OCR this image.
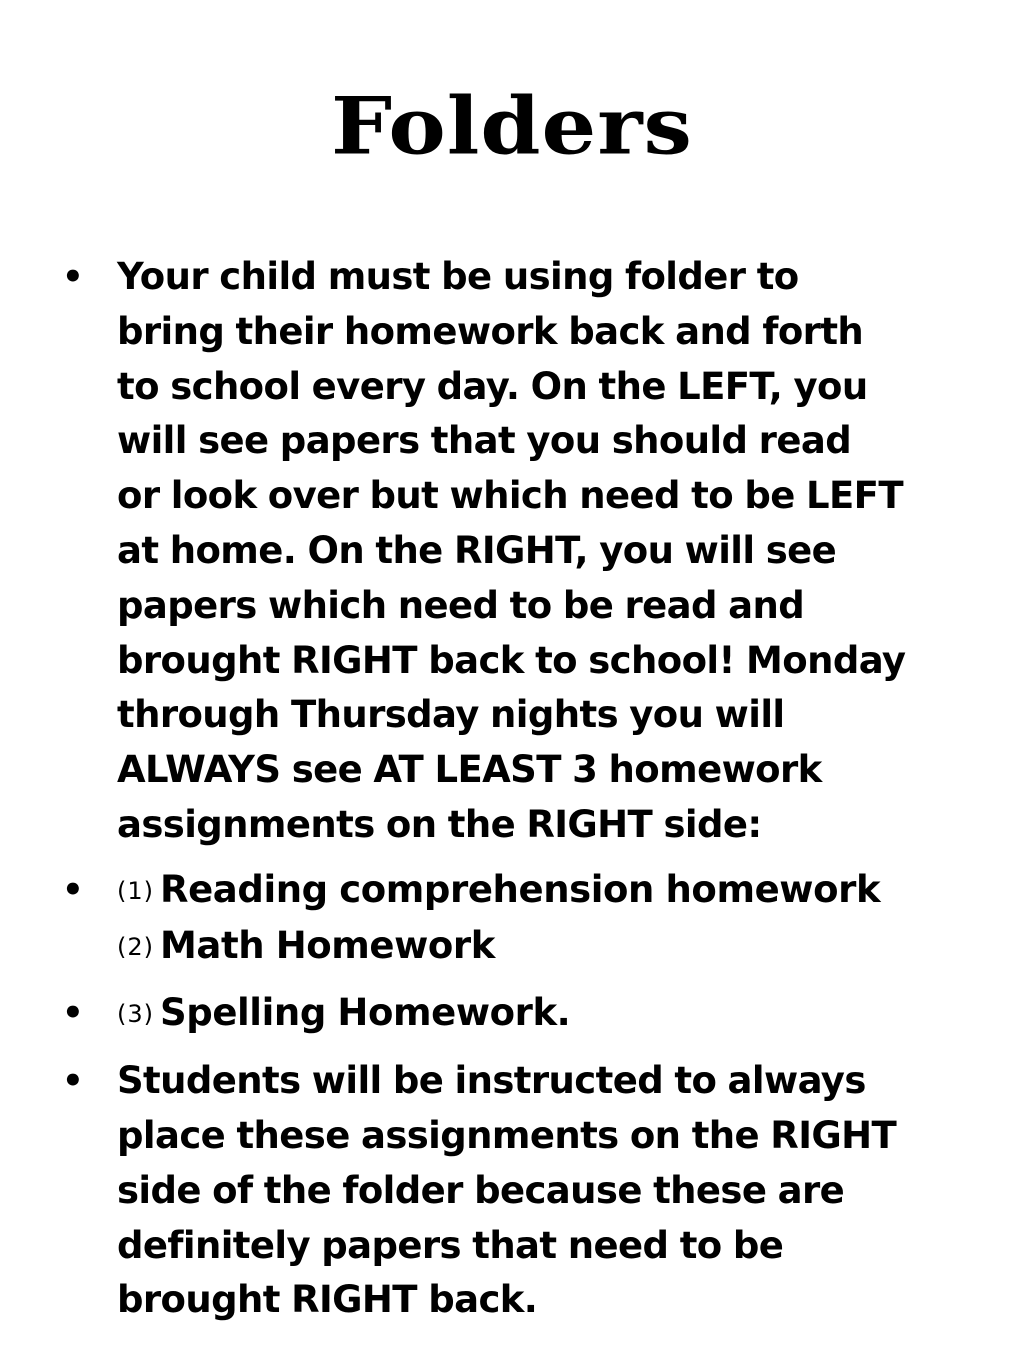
Folders
• Your child must be using folder to
bring their homework back and forth
to school every day. On the LEFT, you
will see papers that you should read
or look over but which need to be LEFT
at home. On the RIGHT, you will see
papers which need to be read and
brought RIGHT back to school! Monday
through Thursday nights you will
ALWAYS see AT LEAST 3 homework
assignments on the RIGHT side:
•	(1) Reading comprehension homework
(2) Math Homework
•	(3) Spelling Homework.
• Students will be instructed to always
place these assignments on the RIGHT
side of the folder because these are
definitely papers that need to be
brought RIGHT back.
